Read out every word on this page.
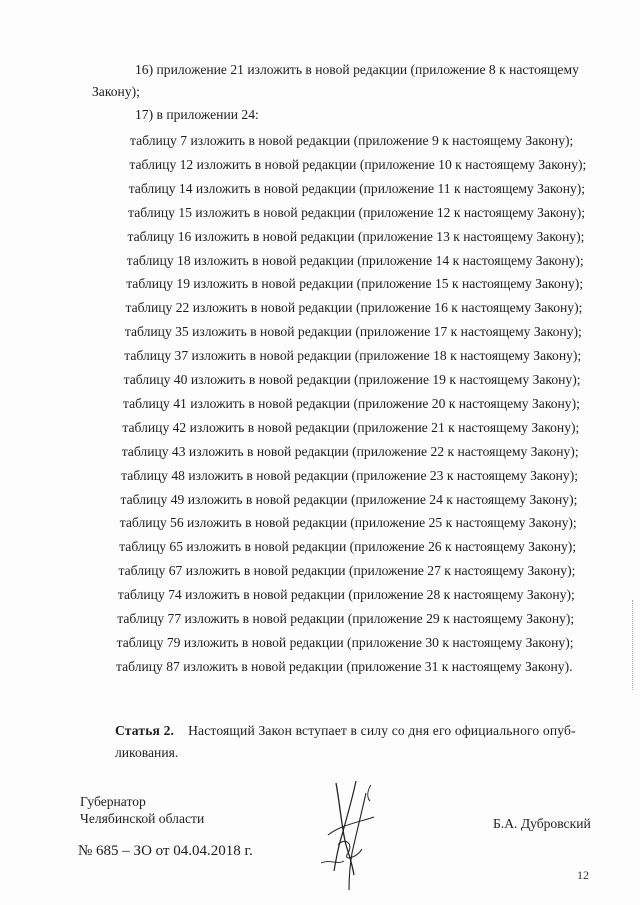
16) приложение 21 изложить в новой редакции (приложение 8 к настоящему
Закону);
17) в приложении 24:
таблицу 7 изложить в новой редакции (приложение 9 к настоящему Закону);
таблицу 12 изложить в новой редакции (приложение 10 к настоящему Закону);
таблицу 14 изложить в новой редакции (приложение 11 к настоящему Закону);
таблицу 15 изложить в новой редакции (приложение 12 к настоящему Закону);
таблицу 16 изложить в новой редакции (приложение 13 к настоящему Закону);
таблицу 18 изложить в новой редакции (приложение 14 к настоящему Закону);
таблицу 19 изложить в новой редакции (приложение 15 к настоящему Закону);
таблицу 22 изложить в новой редакции (приложение 16 к настоящему Закону);
таблицу 35 изложить в новой редакции (приложение 17 к настоящему Закону);
таблицу 37 изложить в новой редакции (приложение 18 к настоящему Закону);
таблицу 40 изложить в новой редакции (приложение 19 к настоящему Закону);
таблицу 41 изложить в новой редакции (приложение 20 к настоящему Закону);
таблицу 42 изложить в новой редакции (приложение 21 к настоящему Закону);
таблицу 43 изложить в новой редакции (приложение 22 к настоящему Закону);
таблицу 48 изложить в новой редакции (приложение 23 к настоящему Закону);
таблицу 49 изложить в новой редакции (приложение 24 к настоящему Закону);
таблицу 56 изложить в новой редакции (приложение 25 к настоящему Закону);
таблицу 65 изложить в новой редакции (приложение 26 к настоящему Закону);
таблицу 67 изложить в новой редакции (приложение 27 к настоящему Закону);
таблицу 74 изложить в новой редакции (приложение 28 к настоящему Закону);
таблицу 77 изложить в новой редакции (приложение 29 к настоящему Закону);
таблицу 79 изложить в новой редакции (приложение 30 к настоящему Закону);
таблицу 87 изложить в новой редакции (приложение 31 к настоящему Закону).
Статья 2. Настоящий Закон вступает в силу со дня его официального опуб-
ликования.
Губернатор
Челябинской области	Б.А. Дубровский
№ 685 – ЗО от 04.04.2018 г.
12
